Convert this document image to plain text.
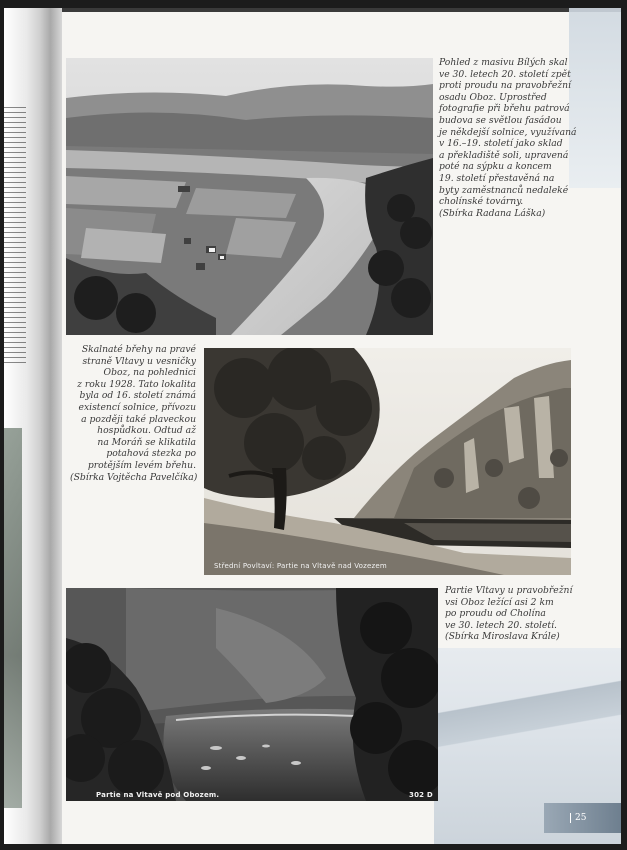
Pohled z masivu Bílých skal
ve 30. letech 20. století zpět
proti proudu na pravobřežní
osadu Oboz. Uprostřed
fotografie při břehu patrová
budova se světlou fasádou
je někdejší solnice, využívaná
v 16.–19. století jako sklad
a překladiště soli, upravená
poté na sýpku a koncem
19. století přestavěná na
byty zaměstnanců nedaleké
cholínské továrny.
(Sbírka Radana Láška)

Skalnaté břehy na pravé
straně Vltavy u vesničky
Oboz, na pohlednici
z roku 1928. Tato lokalita
byla od 16. století známá
existencí solnice, přívozu
a později také plaveckou
hospůdkou. Odtud až
na Moráň se klikatila
potahová stezka po
protějším levém břehu.
(Sbírka Vojtěcha Pavelčíka)

Střední Povltaví: Partie na Vltavě nad Vozezem
Partie na Vltavě pod Obozem.	302 D

Partie Vltavy u pravobřežní
vsi Oboz ležící asi 2 km
po proudu od Cholína
ve 30. letech 20. století.
(Sbírka Miroslava Krále)

25
